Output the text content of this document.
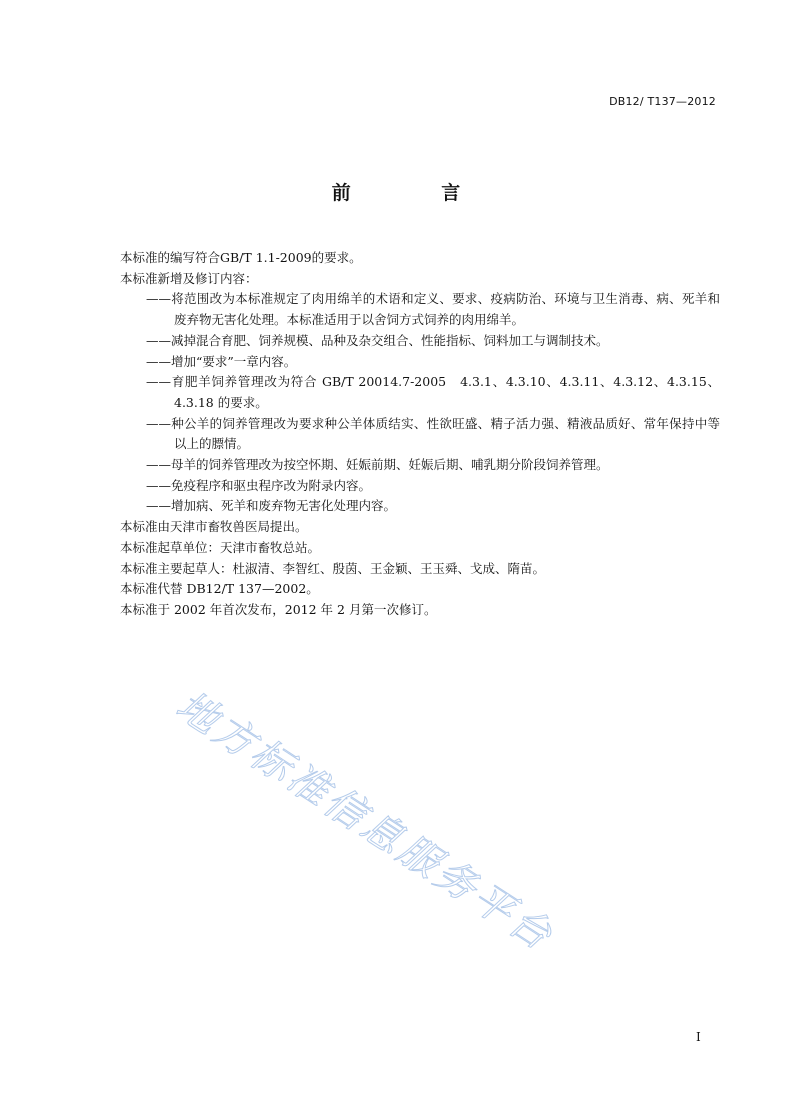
DB12/ T137—2012
前 言

本标准的编写符合GB/T 1.1-2009的要求。

本标准新增及修订内容：

——将范围改为本标准规定了肉用绵羊的术语和定义、要求、疫病防治、环境与卫生消毒、病、死羊和废弃物无害化处理。本标准适用于以舍饲方式饲养的肉用绵羊。

——减掉混合育肥、饲养规模、品种及杂交组合、性能指标、饲料加工与调制技术。

——增加“要求”一章内容。

——育肥羊饲养管理改为符合 GB/T 20014.7-2005　4.3.1、4.3.10、4.3.11、4.3.12、4.3.15、4.3.18 的要求。

——种公羊的饲养管理改为要求种公羊体质结实、性欲旺盛、精子活力强、精液品质好、常年保持中等以上的膘情。

——母羊的饲养管理改为按空怀期、妊娠前期、妊娠后期、哺乳期分阶段饲养管理。

——免疫程序和驱虫程序改为附录内容。

——增加病、死羊和废弃物无害化处理内容。

本标准由天津市畜牧兽医局提出。

本标准起草单位：天津市畜牧总站。

本标准主要起草人：杜淑清、李智红、殷茵、王金颖、王玉舜、戈成、隋苗。

本标准代替 DB12/T 137—2002。

本标准于 2002 年首次发布，2012 年 2 月第一次修订。

地方标准信息服务平台
I
